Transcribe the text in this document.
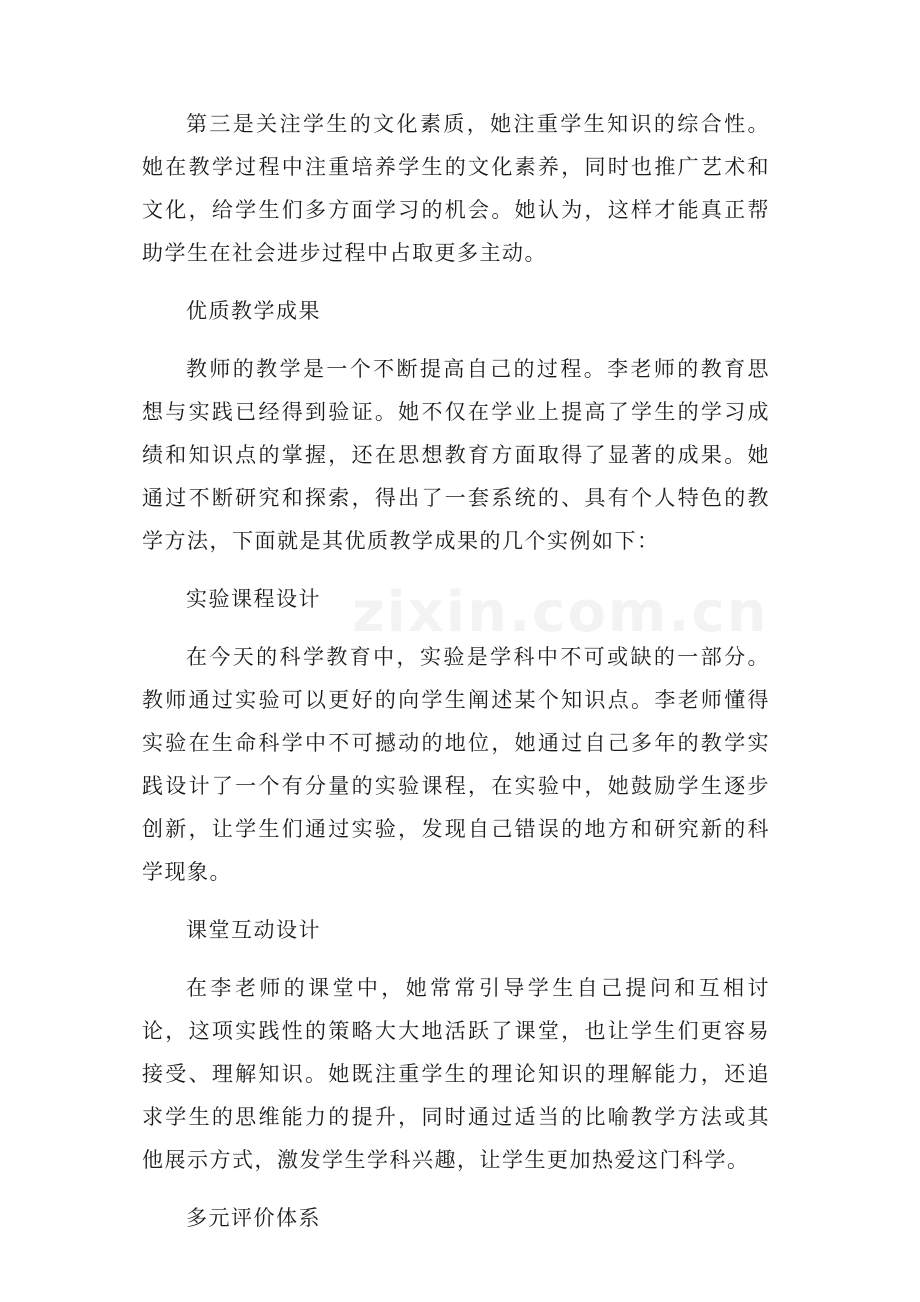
第三是关注学生的文化素质，她注重学生知识的综合性。她在教学过程中注重培养学生的文化素养，同时也推广艺术和文化，给学生们多方面学习的机会。她认为，这样才能真正帮助学生在社会进步过程中占取更多主动。

优质教学成果

教师的教学是一个不断提高自己的过程。李老师的教育思想与实践已经得到验证。她不仅在学业上提高了学生的学习成绩和知识点的掌握，还在思想教育方面取得了显著的成果。她通过不断研究和探索，得出了一套系统的、具有个人特色的教学方法，下面就是其优质教学成果的几个实例如下：

实验课程设计

在今天的科学教育中，实验是学科中不可或缺的一部分。教师通过实验可以更好的向学生阐述某个知识点。李老师懂得实验在生命科学中不可撼动的地位，她通过自己多年的教学实践设计了一个有分量的实验课程，在实验中，她鼓励学生逐步创新，让学生们通过实验，发现自己错误的地方和研究新的科学现象。

课堂互动设计

在李老师的课堂中，她常常引导学生自己提问和互相讨论，这项实践性的策略大大地活跃了课堂，也让学生们更容易接受、理解知识。她既注重学生的理论知识的理解能力，还追求学生的思维能力的提升，同时通过适当的比喻教学方法或其他展示方式，激发学生学科兴趣，让学生更加热爱这门科学。

多元评价体系
